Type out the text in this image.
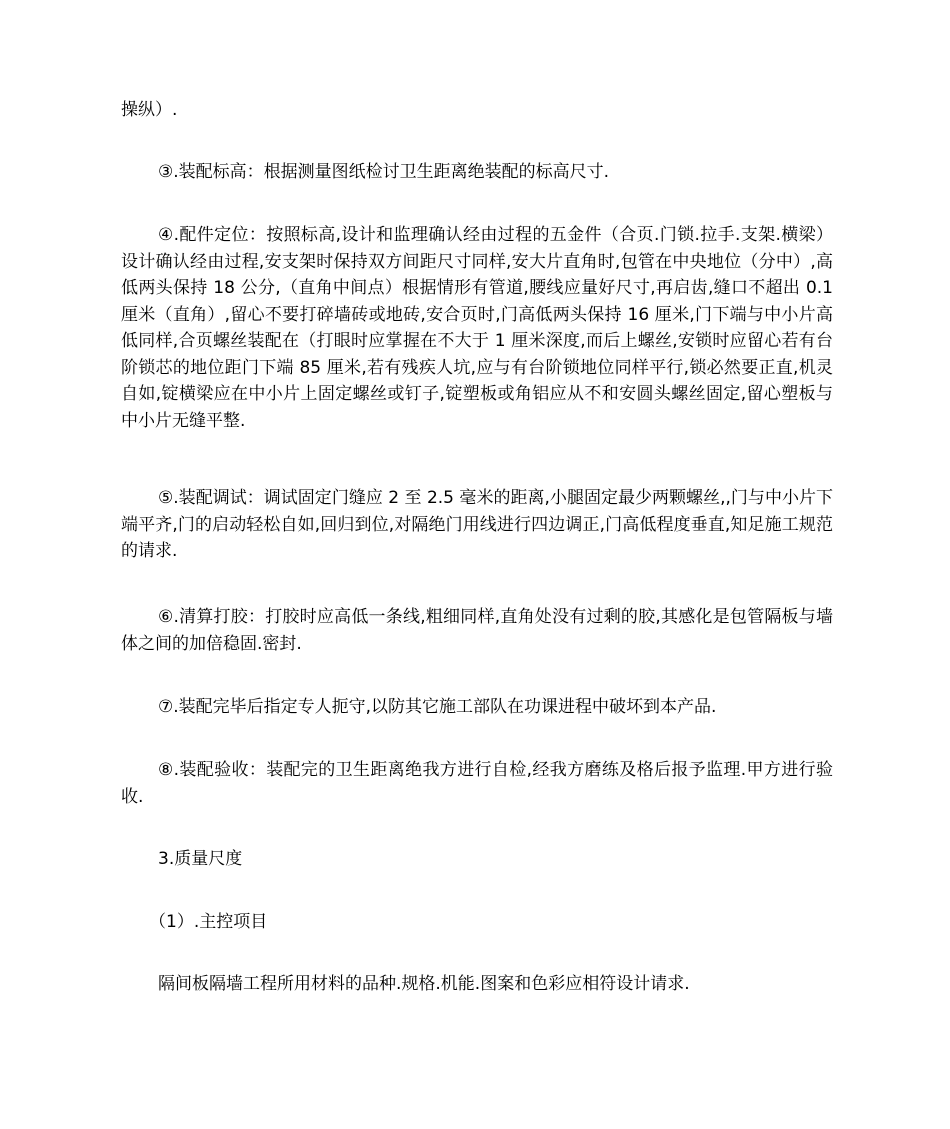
操纵）.

③.装配标高：根据测量图纸检讨卫生距离绝装配的标高尺寸.

④.配件定位：按照标高,设计和监理确认经由过程的五金件（合页.门锁.拉手.支架.横梁）设计确认经由过程,安支架时保持双方间距尺寸同样,安大片直角时,包管在中央地位（分中）,高低两头保持 18 公分,（直角中间点）根据情形有管道,腰线应量好尺寸,再启齿,缝口不超出 0.1 厘米（直角）,留心不要打碎墙砖或地砖,安合页时,门高低两头保持 16 厘米,门下端与中小片高低同样,合页螺丝装配在（打眼时应掌握在不大于 1 厘米深度,而后上螺丝,安锁时应留心若有台阶锁芯的地位距门下端 85 厘米,若有残疾人坑,应与有台阶锁地位同样平行,锁必然要正直,机灵自如,锭横梁应在中小片上固定螺丝或钉子,锭塑板或角铝应从不和安圆头螺丝固定,留心塑板与中小片无缝平整.

⑤.装配调试：调试固定门缝应 2 至 2.5 毫米的距离,小腿固定最少两颗螺丝,,门与中小片下端平齐,门的启动轻松自如,回归到位,对隔绝门用线进行四边调正,门高低程度垂直,知足施工规范的请求.

⑥.清算打胶：打胶时应高低一条线,粗细同样,直角处没有过剩的胶,其感化是包管隔板与墙体之间的加倍稳固.密封.

⑦.装配完毕后指定专人扼守,以防其它施工部队在功课进程中破坏到本产品.

⑧.装配验收：装配完的卫生距离绝我方进行自检,经我方磨练及格后报予监理.甲方进行验收.

3.质量尺度

（1）.主控项目

隔间板隔墙工程所用材料的品种.规格.机能.图案和色彩应相符设计请求.
